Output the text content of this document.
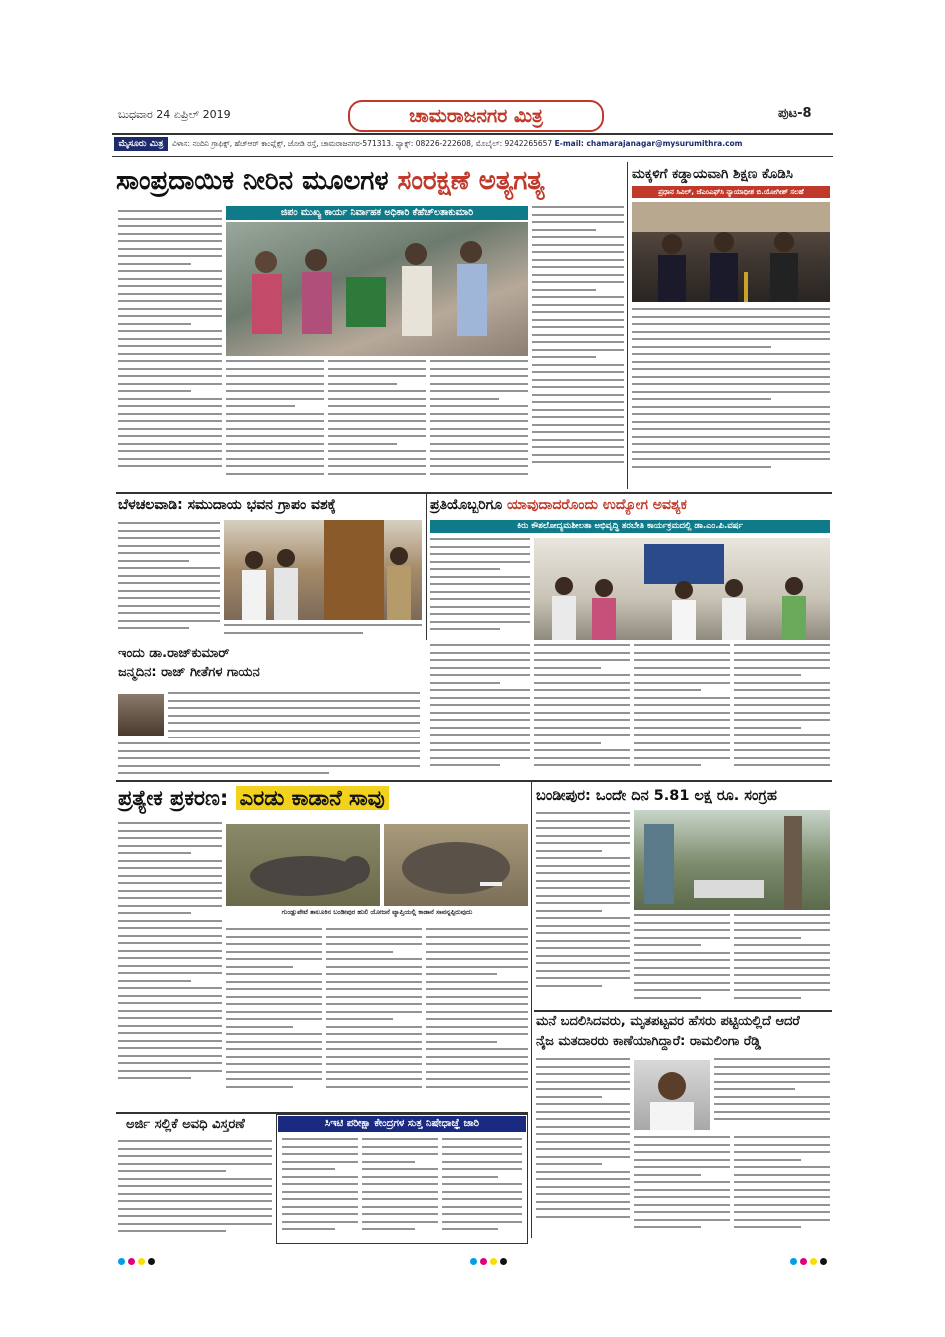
ಬುಧವಾರ 24 ಏಪ್ರಿಲ್ 2019	ಚಾಮರಾಜನಗರ ಮಿತ್ರ	ಪುಟ-8
ಮೈಸೂರು ಮಿತ್ರ	ವಿಳಾಸ: ನಂದಿನಿ ಗ್ರಾಫಿಕ್ಸ್, ಹೆಚ್‌ಆರ್ ಕಾಂಪ್ಲೆಕ್ಸ್, ಜೋಡಿ ರಸ್ತೆ, ಚಾಮರಾಜನಗರ-571313. ಫ್ಯಾಕ್ಸ್: 08226-222608, ಮೊಬೈಲ್: 9242265657 E-mail: chamarajanagar@mysurumithra.com
ಸಾಂಪ್ರದಾಯಿಕ ನೀರಿನ ಮೂಲಗಳ ಸಂರಕ್ಷಣೆ ಅತ್ಯಗತ್ಯ
ಜಿಪಂ ಮುಖ್ಯ ಕಾರ್ಯ ನಿರ್ವಾಹಕ ಅಧಿಕಾರಿ ಕೆಹೆಚ್‌ಲತಾಕುಮಾರಿ
ಮಕ್ಕಳಿಗೆ ಕಡ್ಡಾಯವಾಗಿ ಶಿಕ್ಷಣ ಕೊಡಿಸಿ
ಪ್ರಧಾನ ಸಿವಿಲ್, ಜೆಎಂಎಫ್‌ಸಿ ನ್ಯಾಯಾಧೀಶ ಬಿ.ಯೋಗೀಶ್ ಸಲಹೆ
ಬೆಳಚಲವಾಡಿ: ಸಮುದಾಯ ಭವನ ಗ್ರಾಪಂ ವಶಕ್ಕೆ	ಪ್ರತಿಯೊಬ್ಬರಿಗೂ ಯಾವುದಾದರೊಂದು ಉದ್ಯೋಗ ಅವಶ್ಯಕ
ಕಿರು ಕೌಶಲೋದ್ಯಮಶೀಲತಾ ಅಭಿವೃದ್ಧಿ ತರಬೇತಿ ಕಾರ್ಯಕ್ರಮದಲ್ಲಿ ಡಾ.ಎಂ.ಪಿ.ವರ್ಷ
ಇಂದು ಡಾ.ರಾಜ್‌ಕುಮಾರ್
ಜನ್ಮದಿನ: ರಾಜ್ ಗೀತೆಗಳ ಗಾಯನ
ಪ್ರತ್ಯೇಕ ಪ್ರಕರಣ: ಎರಡು ಕಾಡಾನೆ ಸಾವು
ಗುಂಡ್ಲುಪೇಟೆ ತಾಲೂಕಿನ ಬಂಡೀಪುರ ಹುಲಿ ಯೋಜನೆ ವ್ಯಾಪ್ತಿಯಲ್ಲಿ ಕಾಡಾನೆ ಸಾವನ್ನಪ್ಪಿರುವುದು
ಬಂಡೀಪುರ: ಒಂದೇ ದಿನ 5.81 ಲಕ್ಷ ರೂ. ಸಂಗ್ರಹ
ಮನೆ ಬದಲಿಸಿದವರು, ಮೃತಪಟ್ಟವರ ಹೆಸರು ಪಟ್ಟಿಯಲ್ಲಿದೆ ಆದರೆ
ನೈಜ ಮತದಾರರು ಕಾಣೆಯಾಗಿದ್ದಾರೆ: ರಾಮಲಿಂಗಾ ರೆಡ್ಡಿ
ಅರ್ಜಿ ಸಲ್ಲಿಕೆ ಅವಧಿ ವಿಸ್ತರಣೆ	ಸಿಇಟಿ ಪರೀಕ್ಷಾ ಕೇಂದ್ರಗಳ ಸುತ್ತ ನಿಷೇಧಾಜ್ಞೆ ಜಾರಿ
